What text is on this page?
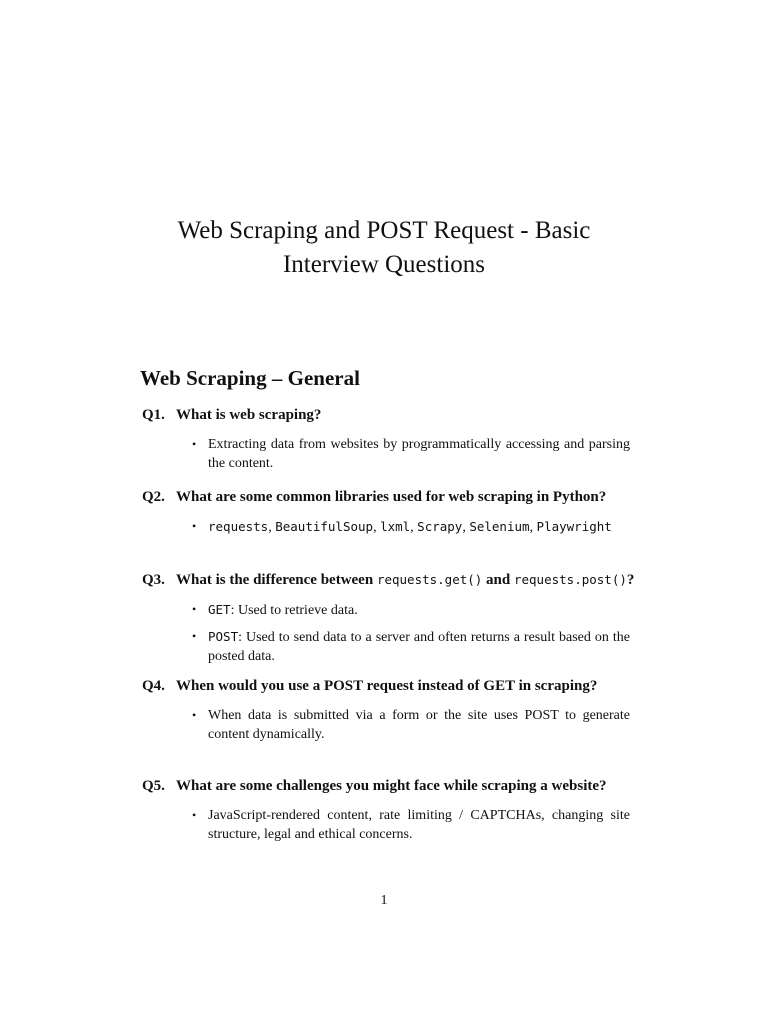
Web Scraping and POST Request - Basic
Interview Questions
Web Scraping – General

Q1. What is web scraping?

• Extracting data from websites by programmatically accessing and parsing the content.

Q2. What are some common libraries used for web scraping in Python?

• requests, BeautifulSoup, lxml, Scrapy, Selenium, Playwright

Q3. What is the difference between requests.get() and requests.post()?

• GET: Used to retrieve data.
• POST: Used to send data to a server and often returns a result based on the posted data.

Q4. When would you use a POST request instead of GET in scraping?

• When data is submitted via a form or the site uses POST to generate content dynamically.

Q5. What are some challenges you might face while scraping a website?

• JavaScript-rendered content, rate limiting / CAPTCHAs, changing site structure, legal and ethical concerns.
1
